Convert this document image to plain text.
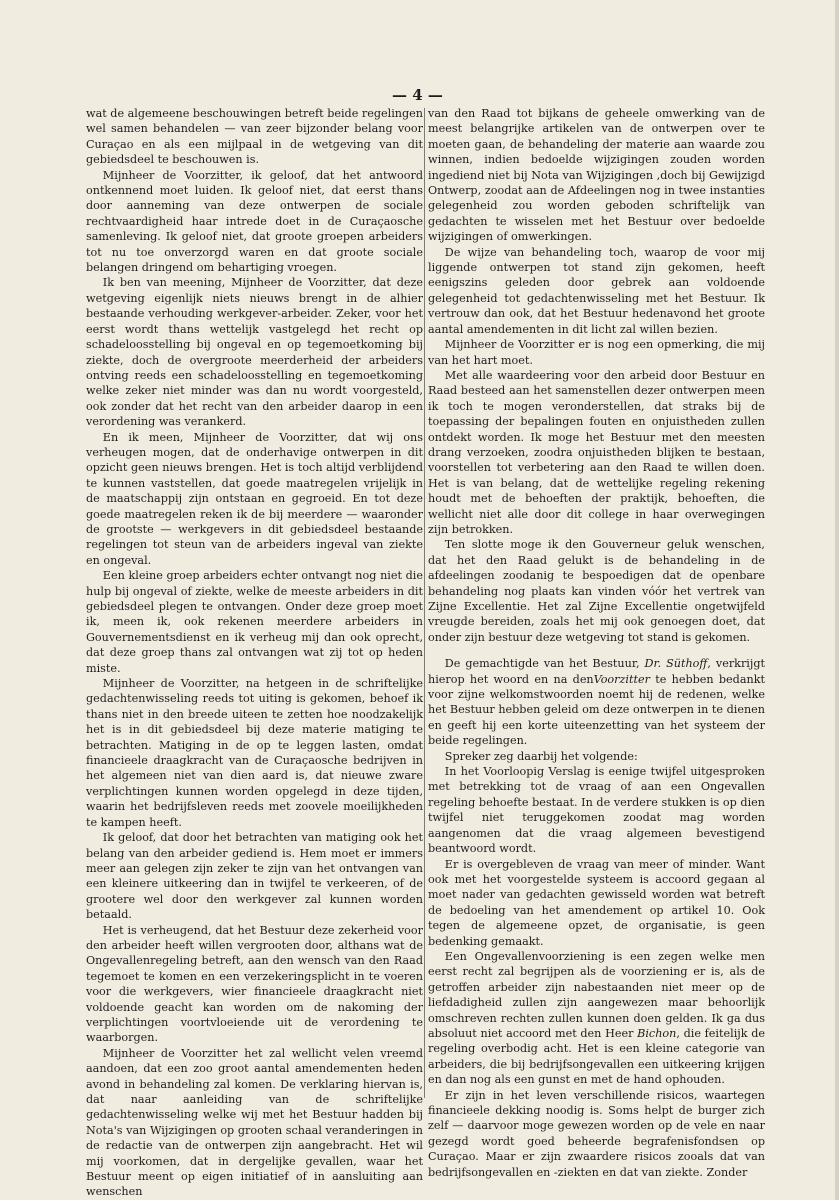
— 4 —

wat de algemeene beschouwingen betreft beide regelingen wel samen behandelen — van zeer bijzonder belang voor Curaçao en als een mijlpaal in de wetgeving van dit gebiedsdeel te beschouwen is.

Mijnheer de Voorzitter, ik geloof, dat het antwoord ontkennend moet luiden. Ik geloof niet, dat eerst thans door aanneming van deze ontwerpen de sociale rechtvaardigheid haar intrede doet in de Curaçaosche samenleving. Ik geloof niet, dat groote groepen arbeiders tot nu toe onverzorgd waren en dat groote sociale belangen dringend om behartiging vroegen.

Ik ben van meening, Mijnheer de Voorzitter, dat deze wetgeving eigenlijk niets nieuws brengt in de alhier bestaande verhouding werkgever-arbeider. Zeker, voor het eerst wordt thans wettelijk vastgelegd het recht op schadeloosstelling bij ongeval en op tegemoetkoming bij ziekte, doch de overgroote meerderheid der arbeiders ontving reeds een schadeloosstelling en tegemoetkoming welke zeker niet minder was dan nu wordt voorgesteld, ook zonder dat het recht van den arbeider daarop in een verordening was verankerd.

En ik meen, Mijnheer de Voorzitter, dat wij ons verheugen mogen, dat de onderhavige ontwerpen in dit opzicht geen nieuws brengen. Het is toch altijd verblijdend te kunnen vaststellen, dat goede maatregelen vrijelijk in de maatschappij zijn ontstaan en gegroeid. En tot deze goede maatregelen reken ik de bij meerdere — waaronder de grootste — werkgevers in dit gebiedsdeel bestaande regelingen tot steun van de arbeiders ingeval van ziekte en ongeval.

Een kleine groep arbeiders echter ontvangt nog niet die hulp bij ongeval of ziekte, welke de meeste arbeiders in dit gebiedsdeel plegen te ontvangen. Onder deze groep moet ik, meen ik, ook rekenen meerdere arbeiders in Gouvernementsdienst en ik verheug mij dan ook oprecht, dat deze groep thans zal ontvangen wat zij tot op heden miste.

Mijnheer de Voorzitter, na hetgeen in de schriftelijke gedachtenwisseling reeds tot uiting is gekomen, behoef ik thans niet in den breede uiteen te zetten hoe noodzakelijk het is in dit gebiedsdeel bij deze materie matiging te betrachten. Matiging in de op te leggen lasten, omdat financieele draagkracht van de Curaçaosche bedrijven in het algemeen niet van dien aard is, dat nieuwe zware verplichtingen kunnen worden opgelegd in deze tijden, waarin het bedrijfsleven reeds met zoovele moeilijkheden te kampen heeft.

Ik geloof, dat door het betrachten van matiging ook het belang van den arbeider gediend is. Hem moet er immers meer aan gelegen zijn zeker te zijn van het ontvangen van een kleinere uitkeering dan in twijfel te verkeeren, of de grootere wel door den werkgever zal kunnen worden betaald.

Het is verheugend, dat het Bestuur deze zekerheid voor den arbeider heeft willen vergrooten door, althans wat de Ongevallenregeling betreft, aan den wensch van den Raad tegemoet te komen en een verzekeringsplicht in te voeren voor die werkgevers, wier financieele draagkracht niet voldoende geacht kan worden om de nakoming der verplichtingen voortvloeiende uit de verordening te waarborgen.

Mijnheer de Voorzitter het zal wellicht velen vreemd aandoen, dat een zoo groot aantal amendementen heden avond in behandeling zal komen. De verklaring hiervan is, dat naar aanleiding van de schriftelijke gedachtenwisseling welke wij met het Bestuur hadden bij Nota's van Wijzigingen op grooten schaal veranderingen in de redactie van de ontwerpen zijn aangebracht. Het wil mij voorkomen, dat in dergelijke gevallen, waar het Bestuur meent op eigen initiatief of in aansluiting aan wenschen

van den Raad tot bijkans de geheele omwerking van de meest belangrijke artikelen van de ontwerpen over te moeten gaan, de behandeling der materie aan waarde zou winnen, indien bedoelde wijzigingen zouden worden ingediend niet bij Nota van Wijzigingen ,doch bij Gewijzigd Ontwerp, zoodat aan de Afdeelingen nog in twee instanties gelegenheid zou worden geboden schriftelijk van gedachten te wisselen met het Bestuur over bedoelde wijzigingen of omwerkingen.

De wijze van behandeling toch, waarop de voor mij liggende ontwerpen tot stand zijn gekomen, heeft eenigszins geleden door gebrek aan voldoende gelegenheid tot gedachtenwisseling met het Bestuur. Ik vertrouw dan ook, dat het Bestuur hedenavond het groote aantal amendementen in dit licht zal willen bezien.

Mijnheer de Voorzitter er is nog een opmerking, die mij van het hart moet.

Met alle waardeering voor den arbeid door Bestuur en Raad besteed aan het samenstellen dezer ontwerpen meen ik toch te mogen veronderstellen, dat straks bij de toepassing der bepalingen fouten en onjuistheden zullen ontdekt worden. Ik moge het Bestuur met den meesten drang verzoeken, zoodra onjuistheden blijken te bestaan, voorstellen tot verbetering aan den Raad te willen doen. Het is van belang, dat de wettelijke regeling rekening houdt met de behoeften der praktijk, behoeften, die wellicht niet alle door dit college in haar overwegingen zijn betrokken.

Ten slotte moge ik den Gouverneur geluk wenschen, dat het den Raad gelukt is de behandeling in de afdeelingen zoodanig te bespoedigen dat de openbare behandeling nog plaats kan vinden vóór het vertrek van Zijne Excellentie. Het zal Zijne Excellentie ongetwijfeld vreugde bereiden, zoals het mij ook genoegen doet, dat onder zijn bestuur deze wetgeving tot stand is gekomen.

De gemachtigde van het Bestuur, Dr. Süthoff, verkrijgt hierop het woord en na denVoorzitter te hebben bedankt voor zijne welkomstwoorden noemt hij de redenen, welke het Bestuur hebben geleid om deze ontwerpen in te dienen en geeft hij een korte uiteenzetting van het systeem der beide regelingen.

Spreker zeg daarbij het volgende:

In het Voorloopig Verslag is eenige twijfel uitgesproken met betrekking tot de vraag of aan een Ongevallen regeling behoefte bestaat. In de verdere stukken is op dien twijfel niet teruggekomen zoodat mag worden aangenomen dat die vraag algemeen bevestigend beantwoord wordt.

Er is overgebleven de vraag van meer of minder. Want ook met het voorgestelde systeem is accoord gegaan al moet nader van gedachten gewisseld worden wat betreft de bedoeling van het amendement op artikel 10. Ook tegen de algemeene opzet, de organisatie, is geen bedenking gemaakt.

Een Ongevallenvoorziening is een zegen welke men eerst recht zal begrijpen als de voorziening er is, als de getroffen arbeider zijn nabestaanden niet meer op de liefdadigheid zullen zijn aangewezen maar behoorlijk omschreven rechten zullen kunnen doen gelden. Ik ga dus absoluut niet accoord met den Heer Bichon, die feitelijk de regeling overbodig acht. Het is een kleine categorie van arbeiders, die bij bedrijfsongevallen een uitkeering krijgen en dan nog als een gunst en met de hand ophouden.

Er zijn in het leven verschillende risicos, waartegen financieele dekking noodig is. Soms helpt de burger zich zelf — daarvoor moge gewezen worden op de vele en naar gezegd wordt goed beheerde begrafenisfondsen op Curaçao. Maar er zijn zwaardere risicos zooals dat van bedrijfsongevallen en -ziekten en dat van ziekte. Zonder
